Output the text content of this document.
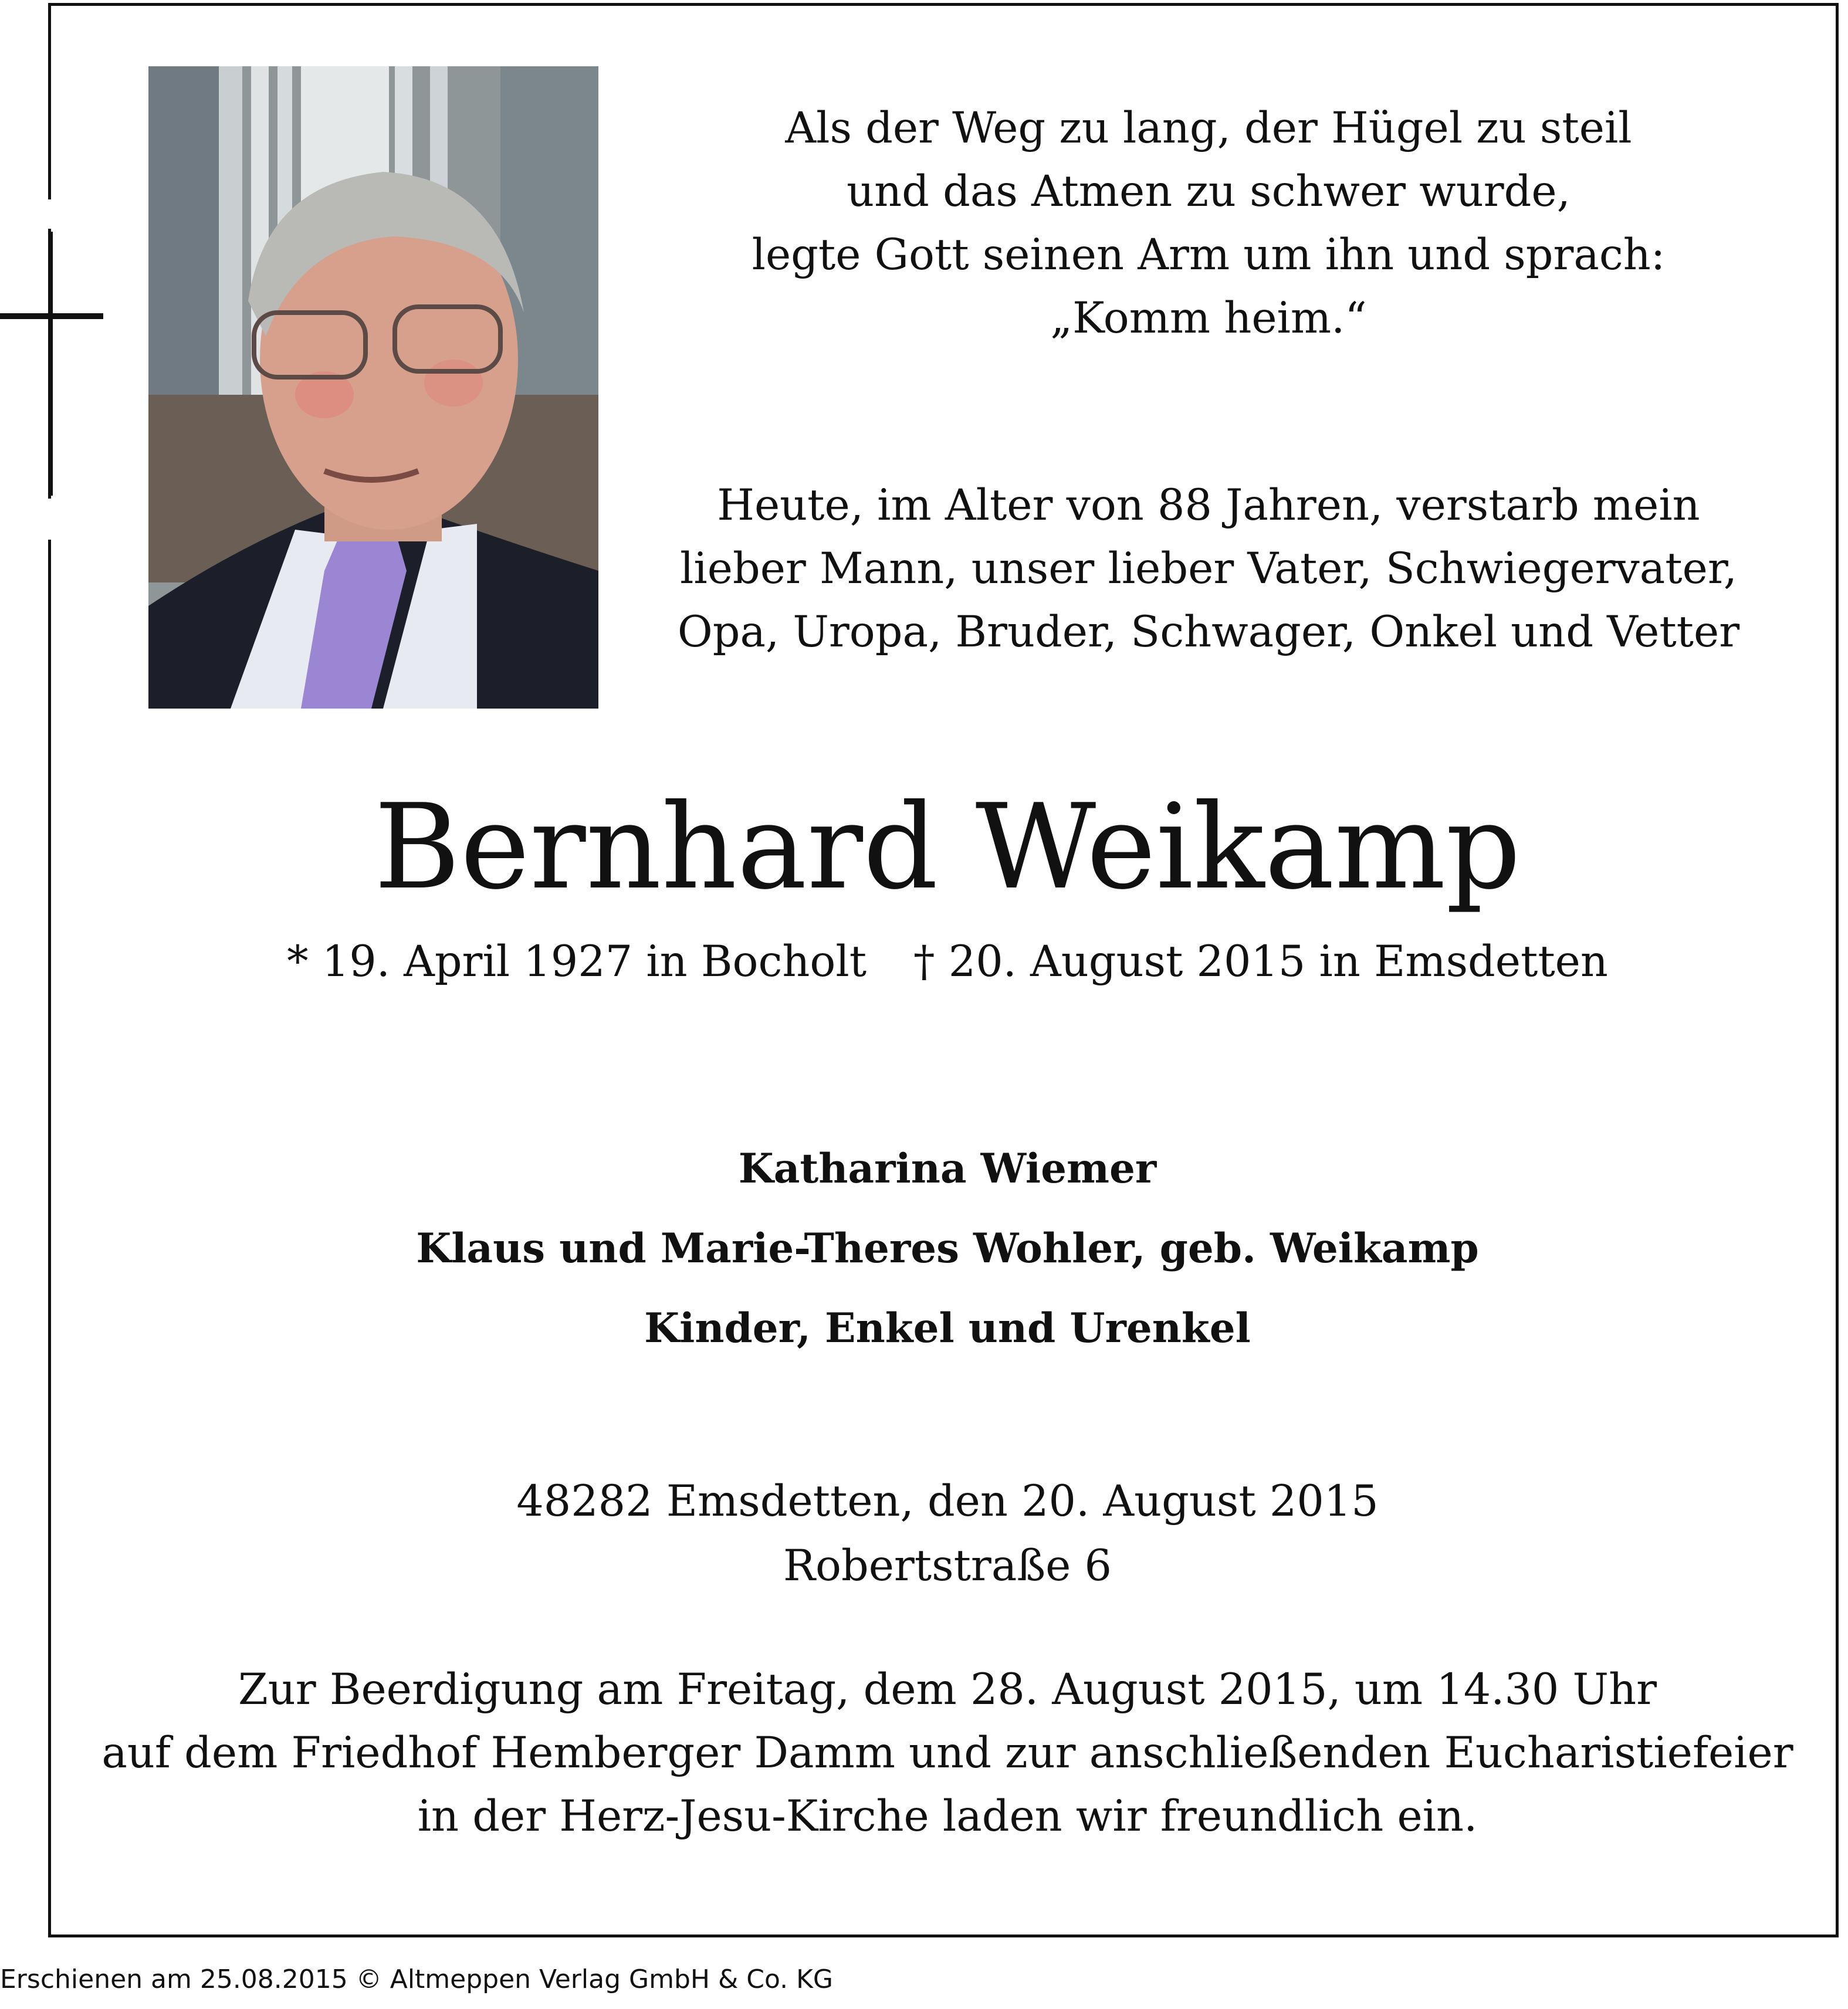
Als der Weg zu lang, der Hügel zu steil
und das Atmen zu schwer wurde,
legte Gott seinen Arm um ihn und sprach:
„Komm heim.“
Heute, im Alter von 88 Jahren, verstarb mein
lieber Mann, unser lieber Vater, Schwiegervater,
Opa, Uropa, Bruder, Schwager, Onkel und Vetter
Bernhard Weikamp
* 19. April 1927 in Bocholt † 20. August 2015 in Emsdetten
Katharina Wiemer
Klaus und Marie-Theres Wohler, geb. Weikamp
Kinder, Enkel und Urenkel
48282 Emsdetten, den 20. August 2015
Robertstraße 6
Zur Beerdigung am Freitag, dem 28. August 2015, um 14.30 Uhr
auf dem Friedhof Hemberger Damm und zur anschließenden Eucharistiefeier
in der Herz-Jesu-Kirche laden wir freundlich ein.
Erschienen am 25.08.2015 © Altmeppen Verlag GmbH & Co. KG
